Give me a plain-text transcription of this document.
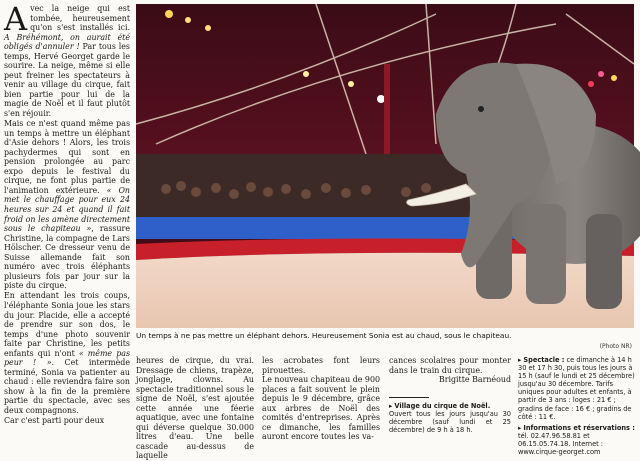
Avec la neige qui est tombée, heureusement qu'on s'est installés ici. A Bréhémont, on aurait été obligés d'annuler ! Par tous les temps, Hervé Georget garde le sourire. La neige, même si elle peut freiner les spectateurs à venir au village du cirque, fait bien partie pour lui de la magie de Noël et il faut plutôt s'en réjouir.

Mais ce n'est quand même pas un temps à mettre un éléphant d'Asie dehors ! Alors, les trois pachydermes qui sont en pension prolongée au parc expo depuis le festival du cirque, ne font plus partie de l'animation extérieure. « On met le chauffage pour eux 24 heures sur 24 et quand il fait froid on les amène directement sous le chapiteau », rassure Christine, la compagne de Lars Hölscher. Ce dresseur venu de Suisse allemande fait son numéro avec trois éléphants plusieurs fois par jour sur la piste du cirque.

En attendant les trois coups, l'éléphante Sonia joue les stars du jour. Placide, elle a accepté de prendre sur son dos, le temps d'une photo souvenir faite par Christine, les petits enfants qui n'ont « même pas peur ! ». Cet intermède terminé, Sonia va patienter au chaud : elle reviendra faire son show à la fin de la première partie du spectacle, avec ses deux compagnons.

Car c'est parti pour deux

Un temps à ne pas mettre un éléphant dehors. Heureusement Sonia est au chaud, sous le chapiteau.
(Photo NR)

heures de cirque, du vrai. Dressage de chiens, trapèze, jonglage, clowns. Au spectacle traditionnel sous le signe de Noël, s'est ajoutée cette année une féerie aquatique, avec une fontaine qui déverse quelque 30.000 litres d'eau. Une belle cascade au-dessus de laquelle

les acrobates font leurs pirouettes.

Le nouveau chapiteau de 900 places a fait souvent le plein depuis le 9 décembre, grâce aux arbres de Noël des comités d'entreprises. Après ce dimanche, les familles auront encore toutes les va-

cances scolaires pour monter dans le train du cirque.

Brigitte Barnéoud

▸ Village du cirque de Noël.
Ouvert tous les jours jusqu'au 30 décembre (sauf lundi et 25 décembre) de 9 h à 18 h.

▸ Spectacle : ce dimanche à 14 h 30 et 17 h 30, puis tous les jours à 15 h (sauf le lundi et 25 décembre) jusqu'au 30 décembre. Tarifs uniques pour adultes et enfants, à partir de 3 ans : loges : 21 € ; gradins de face : 16 € ; gradins de côté : 11 €.

▸ Informations et réservations : tél. 02.47.96.58.81 et 06.15.05.74.18. Internet : www.cirque-georget.com
